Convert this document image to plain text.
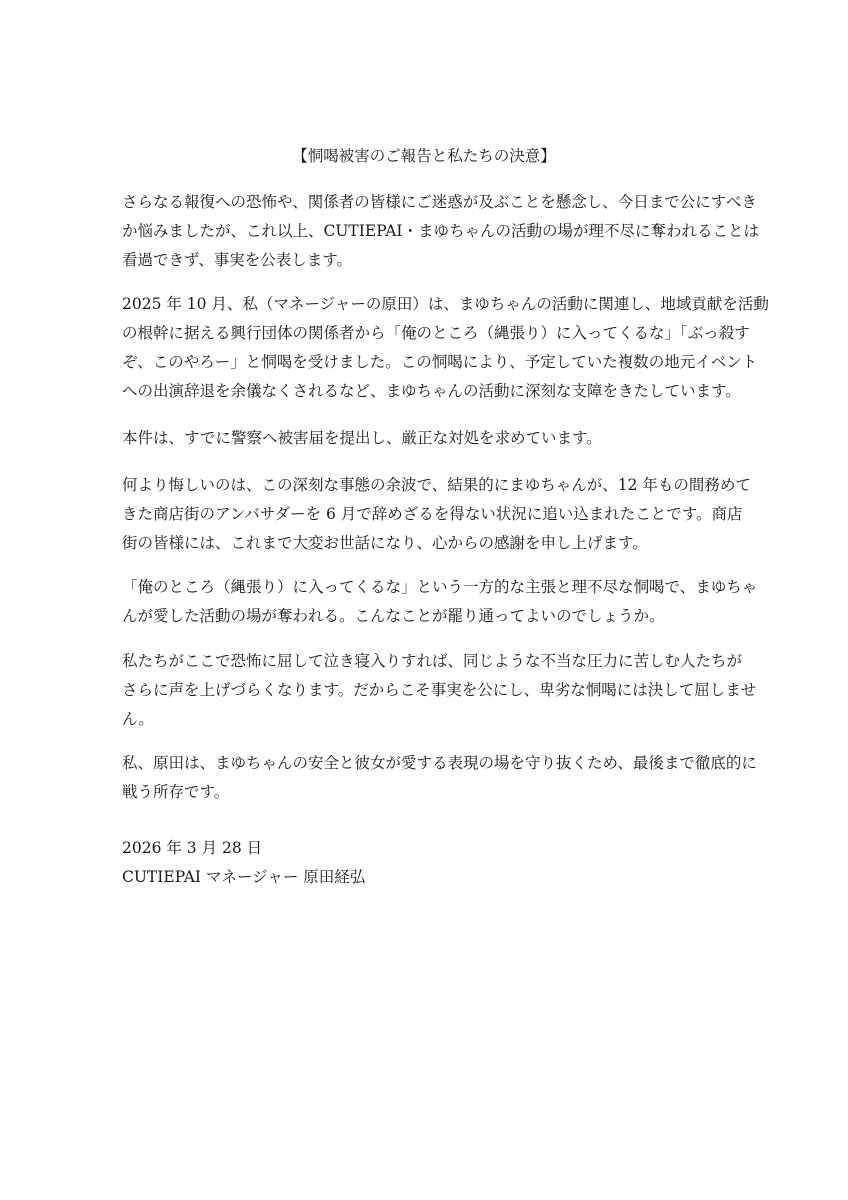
【恫喝被害のご報告と私たちの決意】
さらなる報復への恐怖や、関係者の皆様にご迷惑が及ぶことを懸念し、今日まで公にすべき
か悩みましたが、これ以上、CUTIEPAI・まゆちゃんの活動の場が理不尽に奪われることは
看過できず、事実を公表します。
2025 年 10 月、私（マネージャーの原田）は、まゆちゃんの活動に関連し、地域貢献を活動
の根幹に据える興行団体の関係者から「俺のところ（縄張り）に入ってくるな」「ぶっ殺す
ぞ、このやろー」と恫喝を受けました。この恫喝により、予定していた複数の地元イベント
への出演辞退を余儀なくされるなど、まゆちゃんの活動に深刻な支障をきたしています。
本件は、すでに警察へ被害届を提出し、厳正な対処を求めています。
何より悔しいのは、この深刻な事態の余波で、結果的にまゆちゃんが、12 年もの間務めて
きた商店街のアンバサダーを 6 月で辞めざるを得ない状況に追い込まれたことです。商店
街の皆様には、これまで大変お世話になり、心からの感謝を申し上げます。
「俺のところ（縄張り）に入ってくるな」という一方的な主張と理不尽な恫喝で、まゆちゃ
んが愛した活動の場が奪われる。こんなことが罷り通ってよいのでしょうか。
私たちがここで恐怖に屈して泣き寝入りすれば、同じような不当な圧力に苦しむ人たちが
さらに声を上げづらくなります。だからこそ事実を公にし、卑劣な恫喝には決して屈しませ
ん。
私、原田は、まゆちゃんの安全と彼女が愛する表現の場を守り抜くため、最後まで徹底的に
戦う所存です。
2026 年 3 月 28 日
CUTIEPAI マネージャー 原田経弘
